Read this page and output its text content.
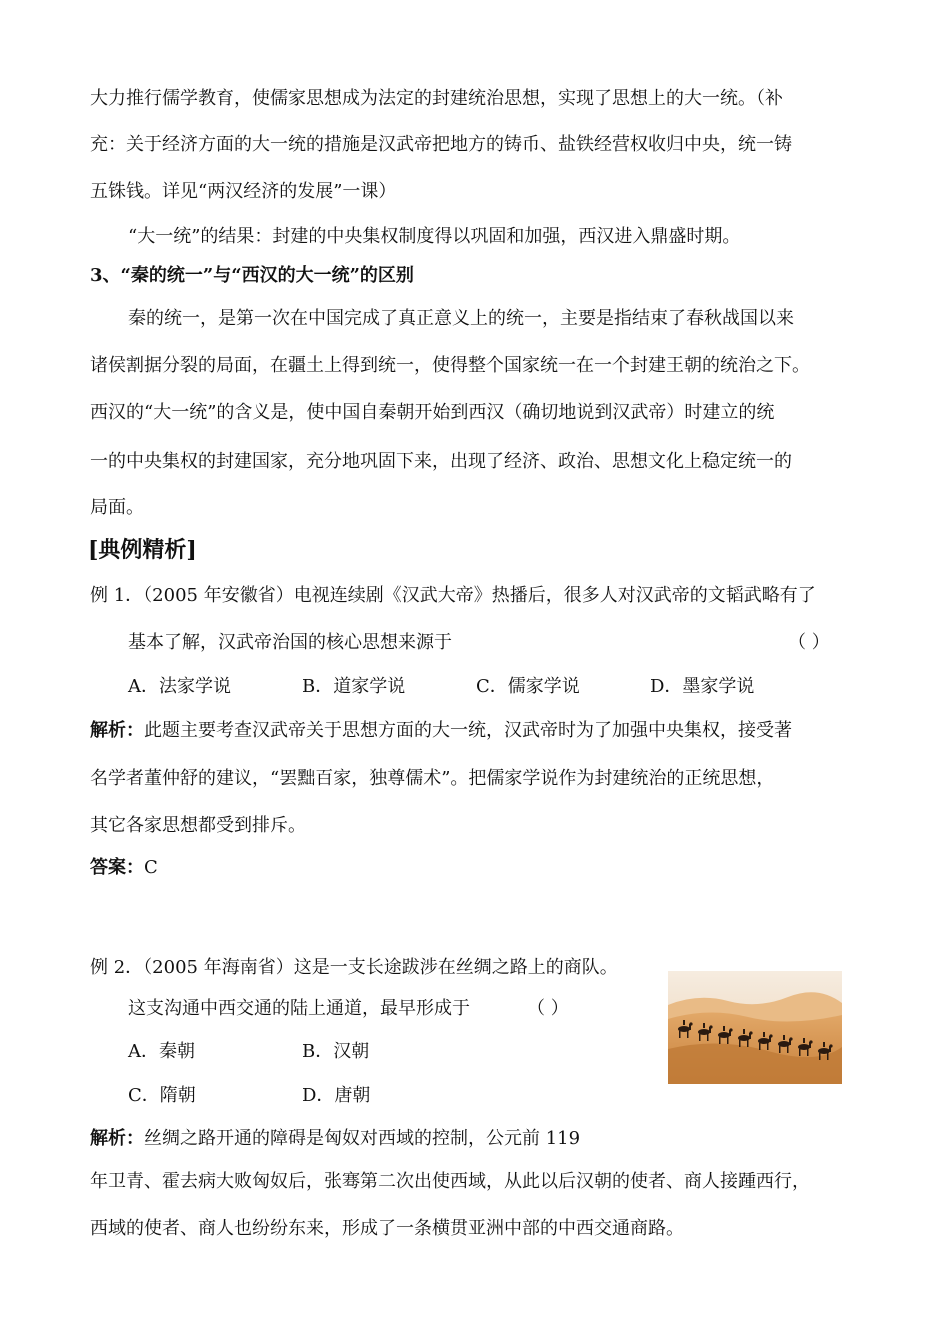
大力推行儒学教育，使儒家思想成为法定的封建统治思想，实现了思想上的大一统。（补
充：关于经济方面的大一统的措施是汉武帝把地方的铸币、盐铁经营权收归中央，统一铸
五铢钱。详见“两汉经济的发展”一课）
“大一统”的结果：封建的中央集权制度得以巩固和加强，西汉进入鼎盛时期。
3、“秦的统一”与“西汉的大一统”的区别
秦的统一，是第一次在中国完成了真正意义上的统一，主要是指结束了春秋战国以来
诸侯割据分裂的局面，在疆土上得到统一，使得整个国家统一在一个封建王朝的统治之下。
西汉的“大一统”的含义是，使中国自秦朝开始到西汉（确切地说到汉武帝）时建立的统
一的中央集权的封建国家，充分地巩固下来，出现了经济、政治、思想文化上稳定统一的
局面。
[典例精析]
例 1．（2005 年安徽省）电视连续剧《汉武大帝》热播后，很多人对汉武帝的文韬武略有了
基本了解，汉武帝治国的核心思想来源于	（ ）
A．法家学说	B．道家学说	C．儒家学说	D．墨家学说
解析：此题主要考查汉武帝关于思想方面的大一统，汉武帝时为了加强中央集权，接受著
名学者董仲舒的建议，“罢黜百家，独尊儒术”。把儒家学说作为封建统治的正统思想，
其它各家思想都受到排斥。
答案：C
例 2．（2005 年海南省）这是一支长途跋涉在丝绸之路上的商队。
这支沟通中西交通的陆上通道，最早形成于	（ ）
A．秦朝	B．汉朝
C．隋朝	D．唐朝
解析：丝绸之路开通的障碍是匈奴对西域的控制，公元前 119
年卫青、霍去病大败匈奴后，张骞第二次出使西域，从此以后汉朝的使者、商人接踵西行，
西域的使者、商人也纷纷东来，形成了一条横贯亚洲中部的中西交通商路。
